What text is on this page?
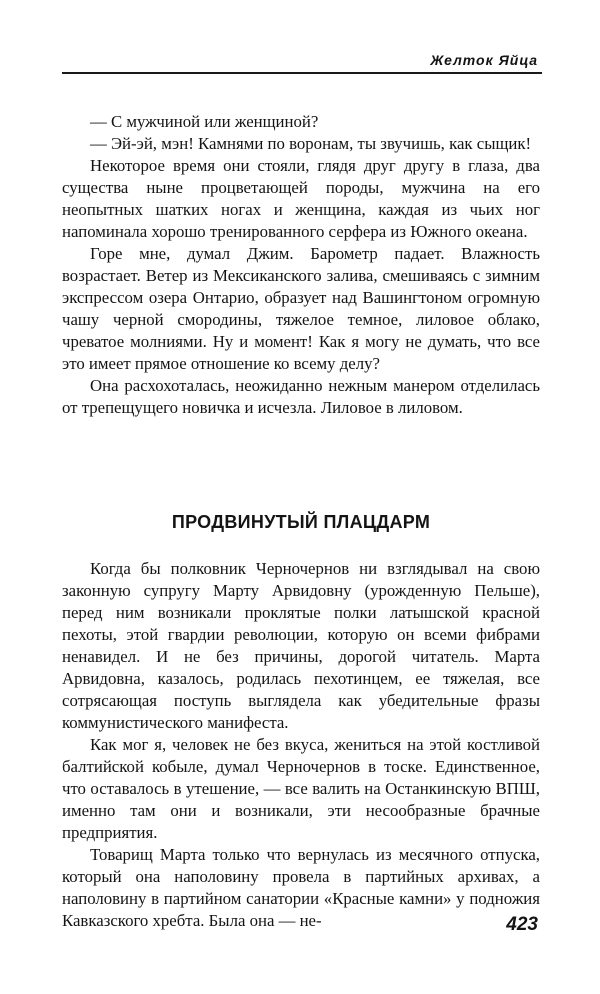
Желток Яйца

— С мужчиной или женщиной?

— Эй-эй, мэн! Камнями по воронам, ты звучишь, как сыщик!

Некоторое время они стояли, глядя друг другу в глаза, два существа ныне процветающей породы, мужчина на его неопытных шатких ногах и женщина, каждая из чьих ног напоминала хорошо тренированного серфера из Южного океана.

Горе мне, думал Джим. Барометр падает. Влажность возрастает. Ветер из Мексиканского залива, смешиваясь с зимним экспрессом озера Онтарио, образует над Вашингтоном огромную чашу черной смородины, тяжелое темное, лиловое облако, чреватое молниями. Ну и момент! Как я могу не думать, что все это имеет прямое отношение ко всему делу?

Она расхохоталась, неожиданно нежным манером отделилась от трепещущего новичка и исчезла. Лиловое в лиловом.

ПРОДВИНУТЫЙ ПЛАЦДАРМ

Когда бы полковник Черночернов ни взглядывал на свою законную супругу Марту Арвидовну (урожденную Пельше), перед ним возникали проклятые полки латышской красной пехоты, этой гвардии революции, которую он всеми фибрами ненавидел. И не без причины, дорогой читатель. Марта Арвидовна, казалось, родилась пехотинцем, ее тяжелая, все сотрясающая поступь выглядела как убедительные фразы коммунистического манифеста.

Как мог я, человек не без вкуса, жениться на этой костливой балтийской кобыле, думал Черночернов в тоске. Единственное, что оставалось в утешение, — все валить на Останкинскую ВПШ, именно там они и возникали, эти несообразные брачные предприятия.

Товарищ Марта только что вернулась из месячного отпуска, который она наполовину провела в партийных архивах, а наполовину в партийном санатории «Красные камни» у подножия Кавказского хребта. Была она — не-	423
